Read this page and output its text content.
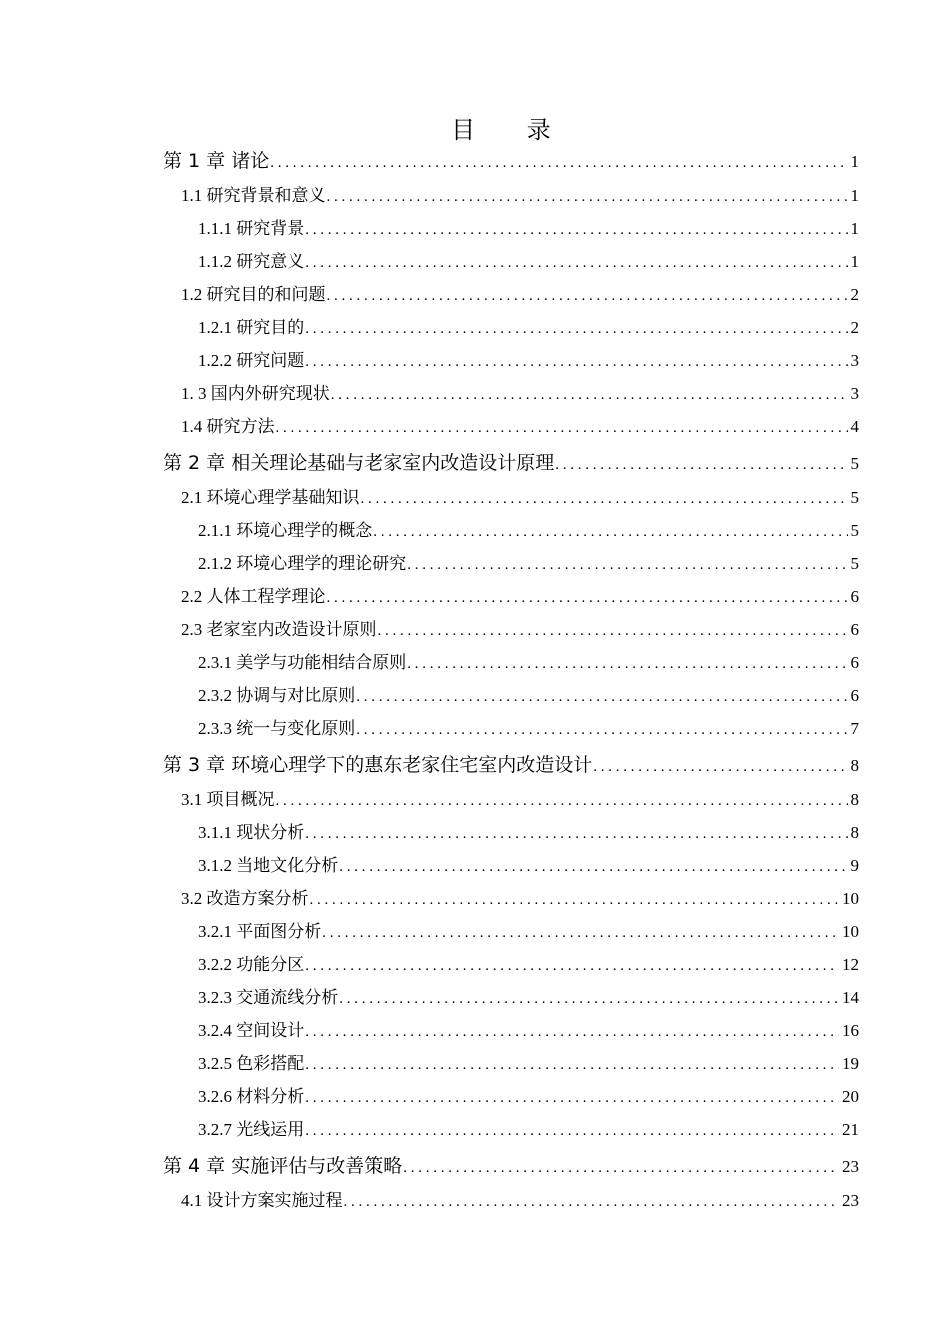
目 录
第 1 章 诸论 . . .	1
1.1 研究背景和意义 . . .	1
1.1.1 研究背景 . . .	1
1.1.2 研究意义 . . .	1
1.2 研究目的和问题 . . .	2
1.2.1 研究目的 . . .	2
1.2.2 研究问题 . . .	3
1. 3 国内外研究现状 . . .	3
1.4 研究方法 . . .	4
第 2 章 相关理论基础与老家室内改造设计原理 . . .	5
2.1 环境心理学基础知识 . . .	5
2.1.1 环境心理学的概念 . . .	5
2.1.2 环境心理学的理论研究 . . .	5
2.2 人体工程学理论 . . .	6
2.3 老家室内改造设计原则 . . .	6
2.3.1 美学与功能相结合原则 . . .	6
2.3.2 协调与对比原则 . . .	6
2.3.3 统一与变化原则 . . .	7
第 3 章 环境心理学下的惠东老家住宅室内改造设计 . . .	8
3.1 项目概况 . . .	8
3.1.1 现状分析 . . .	8
3.1.2 当地文化分析 . . .	9
3.2 改造方案分析 . . .	10
3.2.1 平面图分析 . . .	10
3.2.2 功能分区 . . .	12
3.2.3 交通流线分析 . . .	14
3.2.4 空间设计 . . .	16
3.2.5 色彩搭配 . . .	19
3.2.6 材料分析 . . .	20
3.2.7 光线运用 . . .	21
第 4 章 实施评估与改善策略 . . .	23
4.1 设计方案实施过程 . . .	23
